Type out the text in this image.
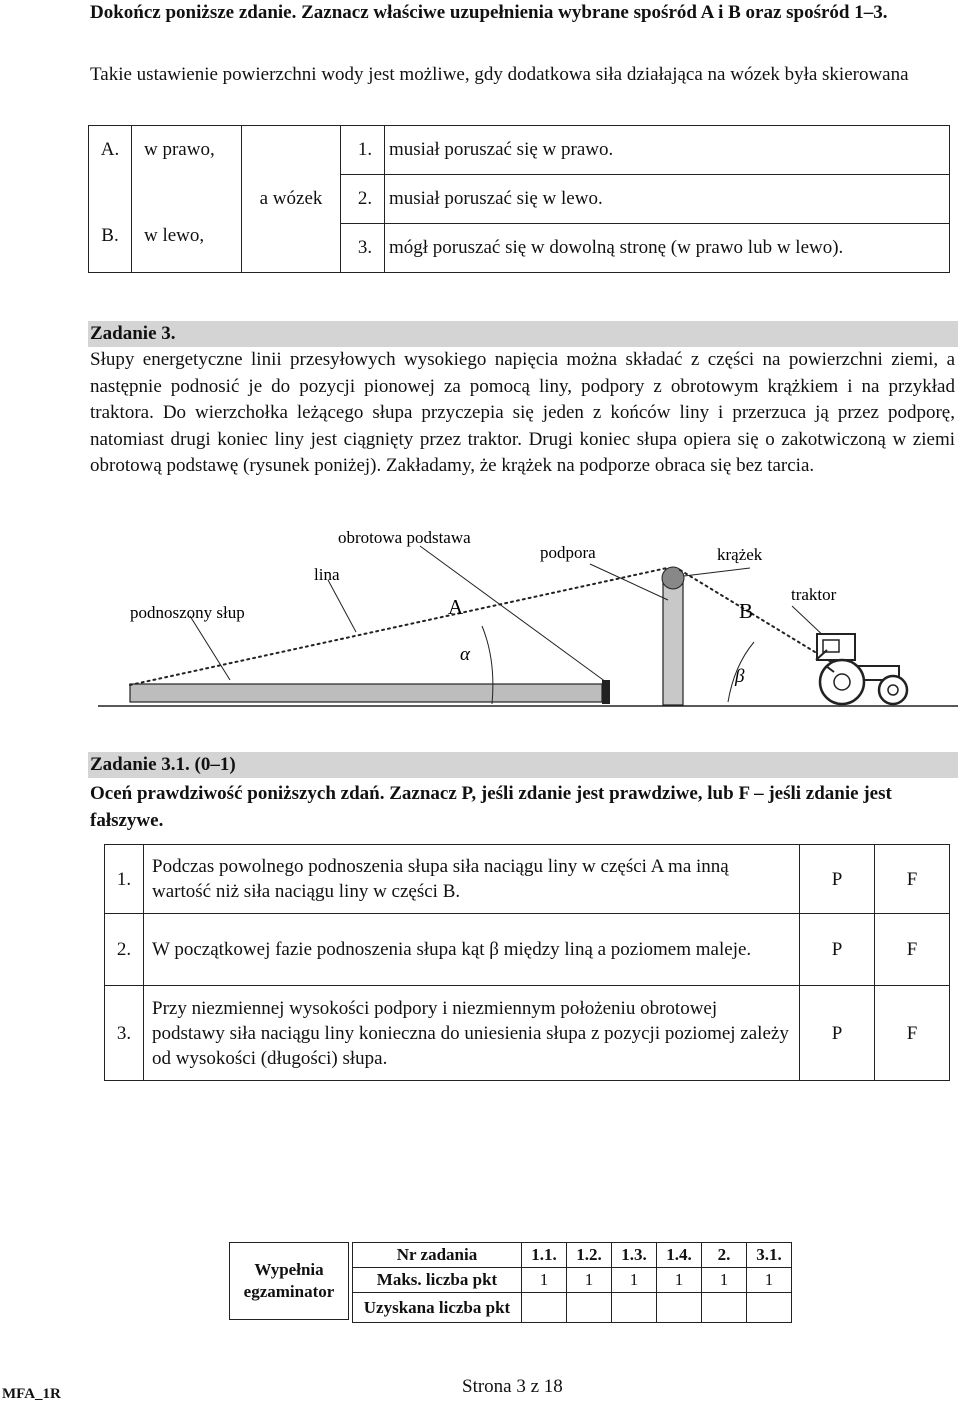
Dokończ poniższe zdanie. Zaznacz właściwe uzupełnienia wybrane spośród A i B oraz spośród 1–3.
Takie ustawienie powierzchni wody jest możliwe, gdy dodatkowa siła działająca na wózek była skierowana
A.	w prawo,	a wózek	1.	musiał poruszać się w prawo.
			2.	musiał poruszać się w lewo.
B.	w lewo,		3.	mógł poruszać się w dowolną stronę (w prawo lub w lewo).
Zadanie 3.
Słupy energetyczne linii przesyłowych wysokiego napięcia można składać z części na powierzchni ziemi, a następnie podnosić je do pozycji pionowej za pomocą liny, podpory z obrotowym krążkiem i na przykład traktora. Do wierzchołka leżącego słupa przyczepia się jeden z końców liny i przerzuca ją przez podporę, natomiast drugi koniec liny jest ciągnięty przez traktor. Drugi koniec słupa opiera się o zakotwiczoną w ziemi obrotową podstawę (rysunek poniżej). Zakładamy, że krążek na podporze obraca się bez tarcia.
podnoszony słup
lina
obrotowa podstawa
podpora	krążek
traktor
A	B
α
β
Zadanie 3.1. (0–1)
Oceń prawdziwość poniższych zdań. Zaznacz P, jeśli zdanie jest prawdziwe, lub F – jeśli zdanie jest fałszywe.
1.	Podczas powolnego podnoszenia słupa siła naciągu liny w części A ma inną wartość niż siła naciągu liny w części B.	P	F
2.	W początkowej fazie podnoszenia słupa kąt β między liną a poziomem maleje.	P	F
3.	Przy niezmiennej wysokości podpory i niezmiennym położeniu obrotowej podstawy siła naciągu liny konieczna do uniesienia słupa z pozycji poziomej zależy od wysokości (długości) słupa.	P	F
Wypełnia
egzaminator
Nr zadania	1.1.	1.2.	1.3.	1.4.	2.	3.1.
Maks. liczba pkt	1	1	1	1	1	1
Uzyskana liczba pkt						
MFA_1R	Strona 3 z 18
